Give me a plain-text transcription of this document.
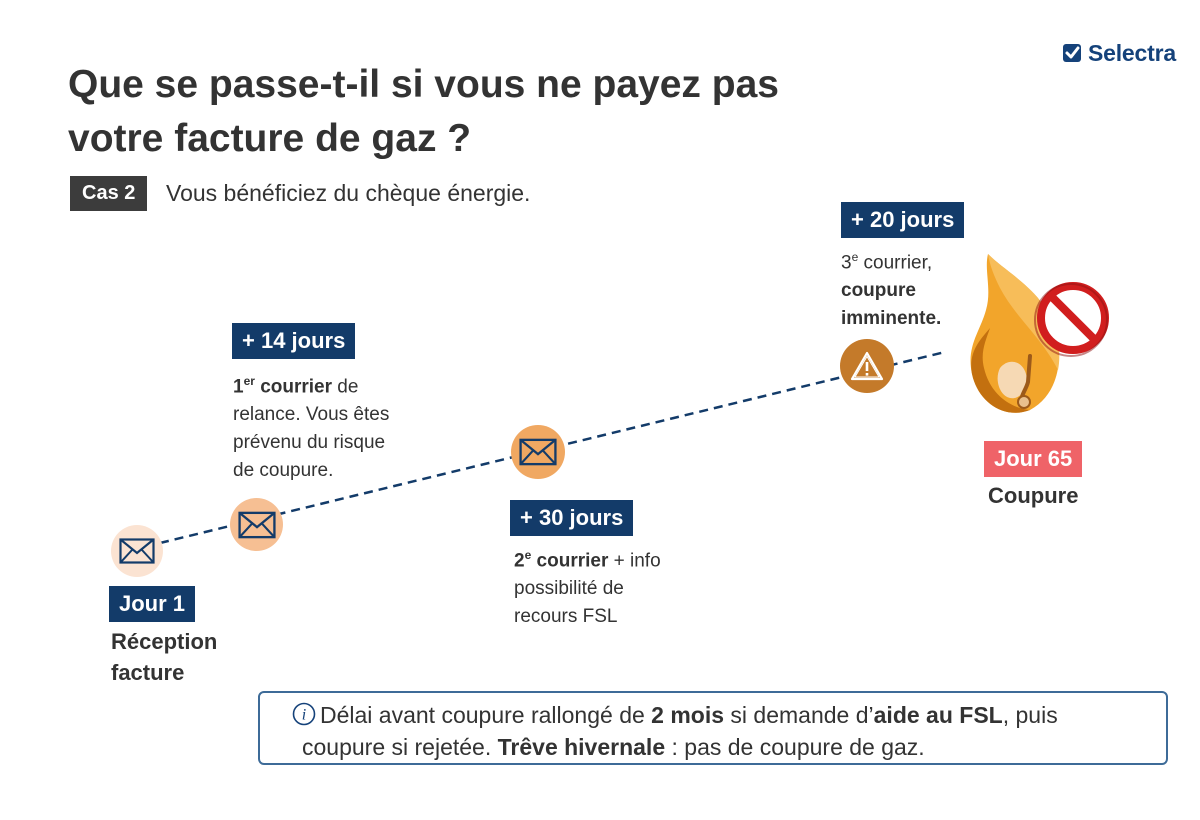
Que se passe-t-il si vous ne payez pas
votre facture de gaz ?
Selectra
Cas 2	Vous bénéficiez du chèque énergie.
Jour 1
Réception
facture
+ 14 jours
1er courrier de
relance. Vous êtes
prévenu du risque
de coupure.
+ 30 jours
2e courrier + info
possibilité de
recours FSL
+ 20 jours
3e courrier,
coupure
imminente.
Jour 65
Coupure
i Délai avant coupure rallongé de 2 mois si demande d’aide au FSL, puis
coupure si rejetée. Trêve hivernale : pas de coupure de gaz.
